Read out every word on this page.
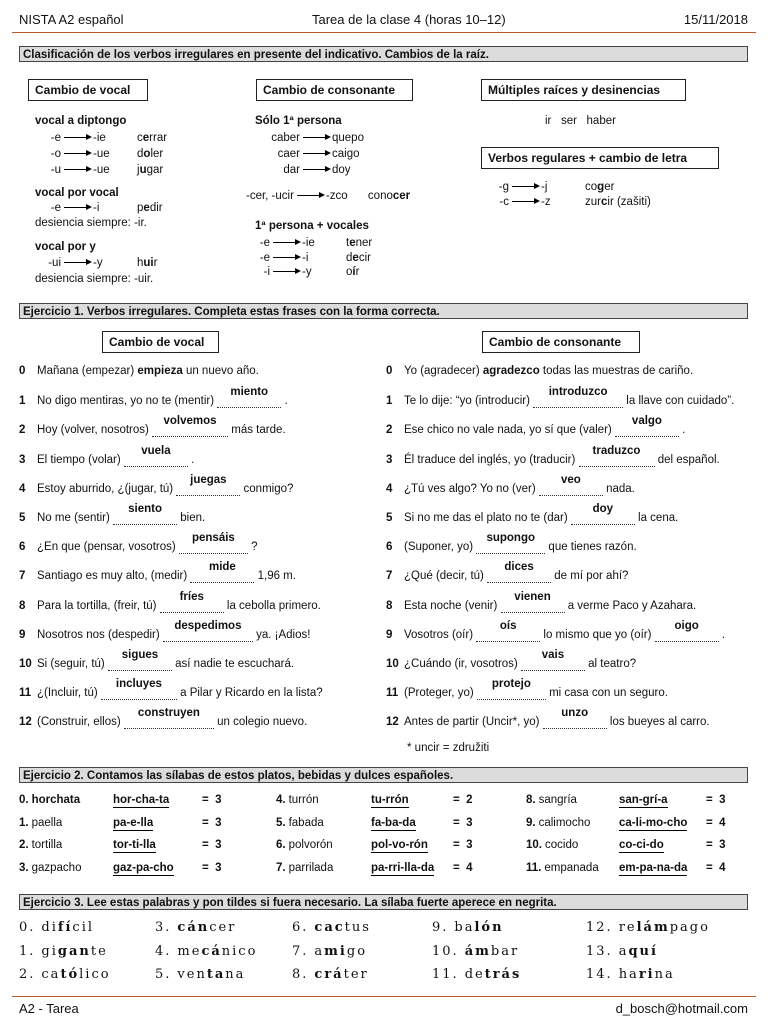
NISTA A2 español	Tarea de la clase 4 (horas 10–12)	15/11/2018
Clasificación de los verbos irregulares en presente del indicativo. Cambios de la raíz.
Cambio de vocal	Cambio de consonante	Múltiples raíces y desinencias
Verbos regulares + cambio de letra
vocal a diptongo
-e	-ie	cerrar
-o	-ue doler
-u	-ue jugar
vocal por vocal
-e	-i	pedir
desiencia siempre: -ir.
vocal por y
-ui	-y	huir
desiencia siempre: -uir.
Sólo 1ª persona
caber	quepo
caer	caigo
dar	doy
-cer, -ucir	-zco conocer
1ª persona + vocales
-e	-ie	tener
-e	-i	decir
-i	-y	oír
ir   ser   haber
-g	-j	coger
-c	-z	zurcir (zašiti)
Ejercicio 1. Verbos irregulares. Completa estas frases con la forma correcta.
Cambio de vocal	Cambio de consonante
0 Mañana (empezar) empieza un nuevo año.
1 No digo mentiras, yo no te (mentir)
miento
.
2 Hoy (volver, nosotros)
volvemos
más tarde.
3 El tiempo (volar)
vuela
.
4 Estoy aburrido, ¿(jugar, tú)
juegas
conmigo?
5 No me (sentir)
siento
bien.
6 ¿En que (pensar, vosotros)
pensáis
?
7 Santiago es muy alto, (medir)
mide
1,96 m.
8 Para la tortilla, (freir, tú)
fríes
la cebolla primero.
9 Nosotros nos (despedir)
despedimos
ya. ¡Adios!
10 Si (seguir, tú)
sigues
así nadie te escuchará.
11 ¿(Incluir, tú)
incluyes
a Pilar y Ricardo en la lista?
12 (Construir, ellos)
construyen
un colegio nuevo.
0 Yo (agradecer) agradezco todas las muestras de cariño.
1 Te lo dije: “yo (introducir)
introduzco
la llave con cuidado”.
2 Ese chico no vale nada, yo sí que (valer)
valgo
.
3 Él traduce del inglés, yo (traducir)
traduzco
del español.
4 ¿Tú ves algo? Yo no (ver)
veo
nada.
5 Si no me das el plato no te (dar)
doy
la cena.
6 (Suponer, yo)
supongo
que tienes razón.
7 ¿Qué (decir, tú)
dices
de mí por ahí?
8 Esta noche (venir)
vienen
a verme Paco y Azahara.
9 Vosotros (oír)
oís
lo mismo que yo (oír)
oigo
.
10 ¿Cuándo (ir, vosotros)
vais
al teatro?
11 (Proteger, yo)
protejo
mi casa con un seguro.
12 Antes de partir (Uncir*, yo)
unzo
los bueyes al carro.
* uncir = združiti
Ejercicio 2. Contamos las sílabas de estos platos, bebidas y dulces españoles.
0. horchata	hor-cha-ta	=  3
1. paella	pa-e-lla	=  3
2. tortilla	tor-ti-lla	=  3
3. gazpacho	gaz-pa-cho =  3
4. turrón	tu-rrón	=  2
5. fabada	fa-ba-da	=  3
6. polvorón	pol-vo-rón =  3
7. parrilada	pa-rri-lla-da =  4
8. sangría	san-grí-a	=  3
9. calimocho ca-li-mo-cho =  4
10. cocido	co-ci-do	=  3
11. empanada em-pa-na-da =  4
Ejercicio 3. Lee estas palabras y pon tildes si fuera necesario. La sílaba fuerte aperece en negrita.
0. difícil
1. gigante
2. católico
3. cáncer
4. mecánico
5. ventana
6. cactus
7. amigo
8. cráter
9. balón
10. ámbar
11. detrás
12. relámpago
13. aquí
14. harina
A2 - Tarea	d_bosch@hotmail.com
